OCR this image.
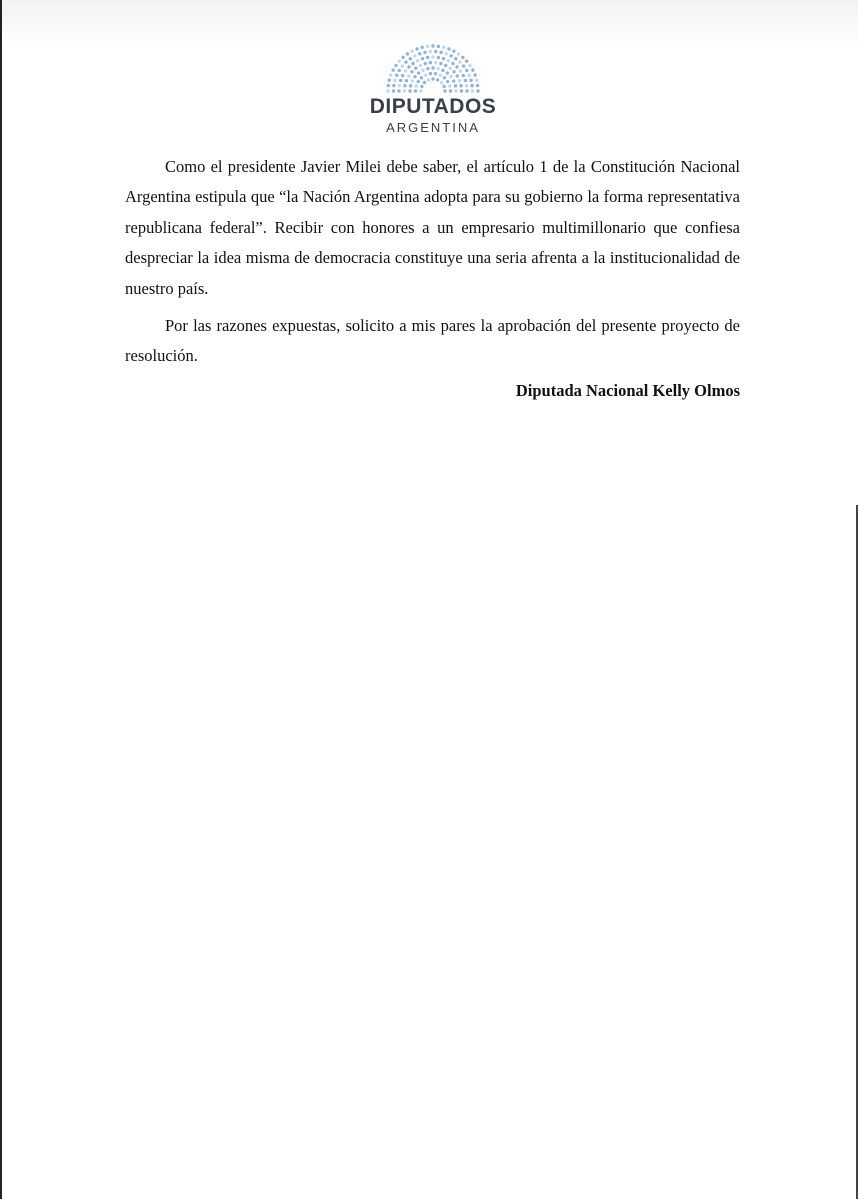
DIPUTADOS
ARGENTINA

Como el presidente Javier Milei debe saber, el artículo 1 de la Constitución Nacional Argentina estipula que “la Nación Argentina adopta para su gobierno la forma representativa republicana federal”. Recibir con honores a un empresario multimillonario que confiesa despreciar la idea misma de democracia constituye una seria afrenta a la institucionalidad de nuestro país.

Por las razones expuestas, solicito a mis pares la aprobación del presente proyecto de resolución.

Diputada Nacional Kelly Olmos
